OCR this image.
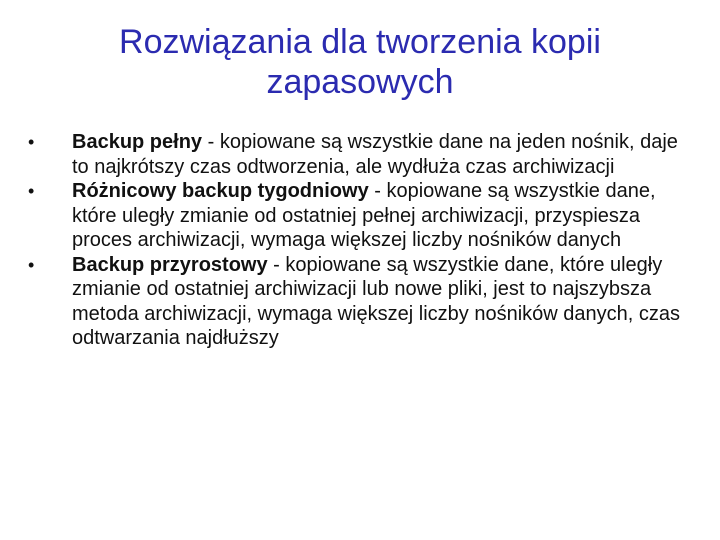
Rozwiązania dla tworzenia kopii
zapasowych
•	Backup pełny - kopiowane są wszystkie dane na jeden nośnik, daje to najkrótszy czas odtworzenia, ale wydłuża czas archiwizacji
•	Różnicowy backup tygodniowy - kopiowane są wszystkie dane, które uległy zmianie od ostatniej pełnej archiwizacji, przyspiesza proces archiwizacji, wymaga większej liczby nośników danych
•	Backup przyrostowy - kopiowane są wszystkie dane, które uległy zmianie od ostatniej archiwizacji lub nowe pliki, jest to najszybsza metoda archiwizacji, wymaga większej liczby nośników danych, czas odtwarzania najdłuższy
